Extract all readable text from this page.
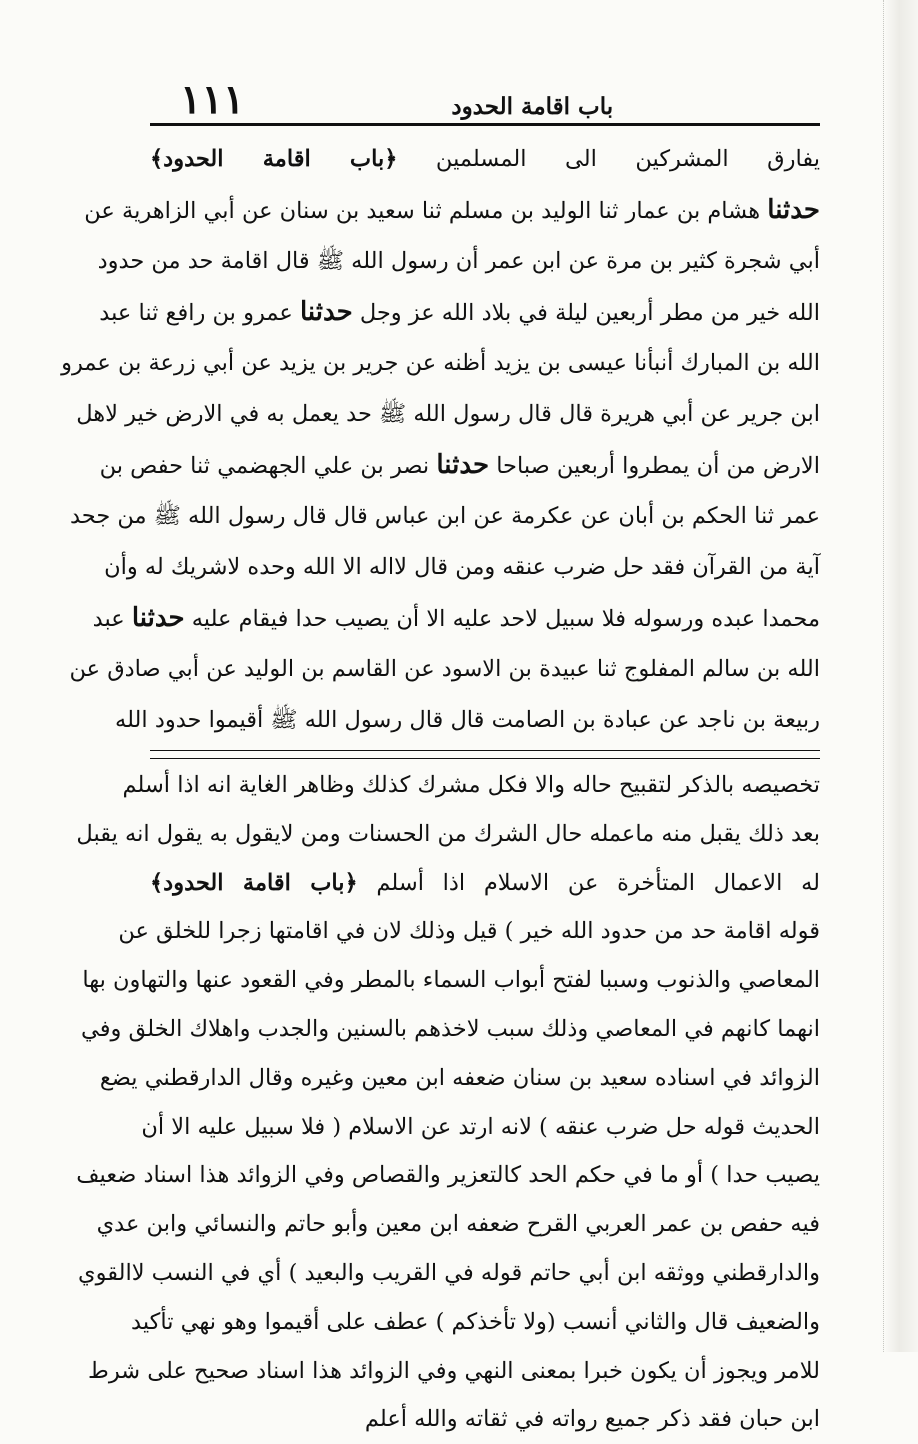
باب اقامة الحدود
١١١
يفارق المشركين الى المسلمين ﴿باب اقامة الحدود﴾
حدثنا هشام بن عمار ثنا الوليد بن مسلم ثنا سعيد بن سنان عن أبي الزاهرية عن
أبي شجرة كثير بن مرة عن ابن عمر أن رسول الله ﷺ قال اقامة حد من حدود
الله خير من مطر أربعين ليلة في بلاد الله عز وجل حدثنا عمرو بن رافع ثنا عبد
الله بن المبارك أنبأنا عيسى بن يزيد أظنه عن جرير بن يزيد عن أبي زرعة بن عمرو
ابن جرير عن أبي هريرة قال قال رسول الله ﷺ حد يعمل به في الارض خير لاهل
الارض من أن يمطروا أربعين صباحا حدثنا نصر بن علي الجهضمي ثنا حفص بن
عمر ثنا الحكم بن أبان عن عكرمة عن ابن عباس قال قال رسول الله ﷺ من جحد
آية من القرآن فقد حل ضرب عنقه ومن قال لااله الا الله وحده لاشريك له وأن
محمدا عبده ورسوله فلا سبيل لاحد عليه الا أن يصيب حدا فيقام عليه حدثنا عبد
الله بن سالم المفلوج ثنا عبيدة بن الاسود عن القاسم بن الوليد عن أبي صادق عن
ربيعة بن ناجد عن عبادة بن الصامت قال قال رسول الله ﷺ أقيموا حدود الله
تخصيصه بالذكر لتقبيح حاله والا فكل مشرك كذلك وظاهر الغاية انه اذا أسلم
بعد ذلك يقبل منه ماعمله حال الشرك من الحسنات ومن لايقول به يقول انه يقبل
له الاعمال المتأخرة عن الاسلام اذا أسلم ﴿باب اقامة الحدود﴾
قوله اقامة حد من حدود الله خير ) قيل وذلك لان في اقامتها زجرا للخلق عن
المعاصي والذنوب وسببا لفتح أبواب السماء بالمطر وفي القعود عنها والتهاون بها
انهما كانهم في المعاصي وذلك سبب لاخذهم بالسنين والجدب واهلاك الخلق وفي
الزوائد في اسناده سعيد بن سنان ضعفه ابن معين وغيره وقال الدارقطني يضع
الحديث قوله حل ضرب عنقه ) لانه ارتد عن الاسلام ( فلا سبيل عليه الا أن
يصيب حدا ) أو ما في حكم الحد كالتعزير والقصاص وفي الزوائد هذا اسناد ضعيف
فيه حفص بن عمر العربي القرح ضعفه ابن معين وأبو حاتم والنسائي وابن عدي
والدارقطني ووثقه ابن أبي حاتم قوله في القريب والبعيد ) أي في النسب لاالقوي
والضعيف قال والثاني أنسب (ولا تأخذكم ) عطف على أقيموا وهو نهي تأكيد
للامر ويجوز أن يكون خبرا بمعنى النهي وفي الزوائد هذا اسناد صحيح على شرط
ابن حبان فقد ذكر جميع رواته في ثقاته والله أعلم
